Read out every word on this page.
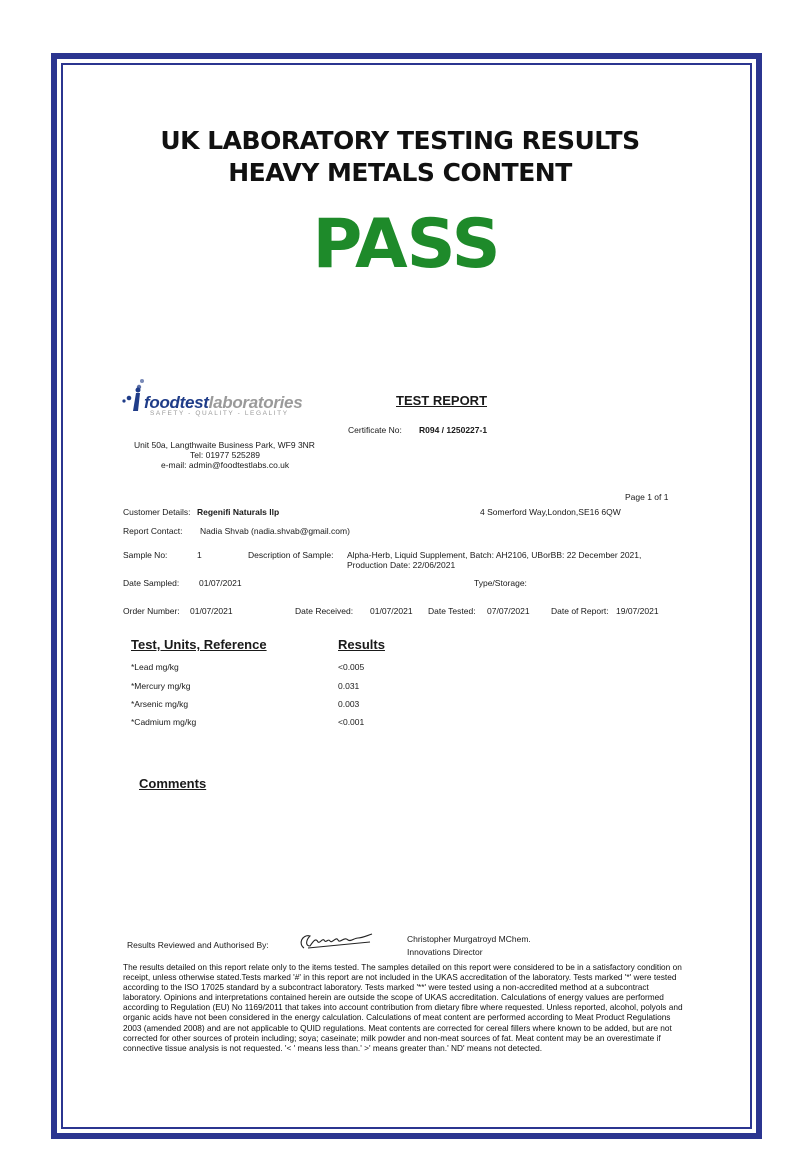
UK LABORATORY TESTING RESULTS
HEAVY METALS CONTENT
PASS
foodtestlaboratories
SAFETY - QUALITY - LEGALITY
TEST REPORT
Certificate No: R094 / 1250227-1
Unit 50a, Langthwaite Business Park, WF9 3NR
Tel: 01977 525289
e-mail: admin@foodtestlabs.co.uk
Page 1 of 1
Customer Details: Regenifi Naturals llp	4 Somerford Way,London,SE16 6QW
Report Contact: Nadia Shvab (nadia.shvab@gmail.com)
Sample No:	1	Description of Sample: Alpha-Herb, Liquid Supplement, Batch: AH2106, UBorBB: 22 December 2021,
Production Date: 22/06/2021
Date Sampled: 01/07/2021	Type/Storage:
Order Number: 01/07/2021	Date Received: 01/07/2021 Date Tested: 07/07/2021	Date of Report: 19/07/2021
Test, Units, Reference	Results
*Lead mg/kg	<0.005
*Mercury mg/kg	0.031
*Arsenic mg/kg	0.003
*Cadmium mg/kg	<0.001
Comments
Results Reviewed and Authorised By:
Christopher Murgatroyd MChem.
Innovations Director
The results detailed on this report relate only to the items tested. The samples detailed on this report were considered to be in a satisfactory condition on receipt, unless otherwise stated.Tests marked '#' in this report are not included in the UKAS accreditation of the laboratory. Tests marked '*' were tested according to the ISO 17025 standard by a subcontract laboratory. Tests marked '**' were tested using a non-accredited method at a subcontract laboratory. Opinions and interpretations contained herein are outside the scope of UKAS accreditation. Calculations of energy values are performed according to Regulation (EU) No 1169/2011 that takes into account contribution from dietary fibre where requested. Unless reported, alcohol, polyols and organic acids have not been considered in the energy calculation. Calculations of meat content are performed according to Meat Product Regulations 2003 (amended 2008) and are not applicable to QUID regulations. Meat contents are corrected for cereal fillers where known to be added, but are not corrected for other sources of protein including; soya; caseinate; milk powder and non-meat sources of fat. Meat content may be an overestimate if connective tissue analysis is not requested. '< ' means less than.' >' means greater than.' ND' means not detected.
